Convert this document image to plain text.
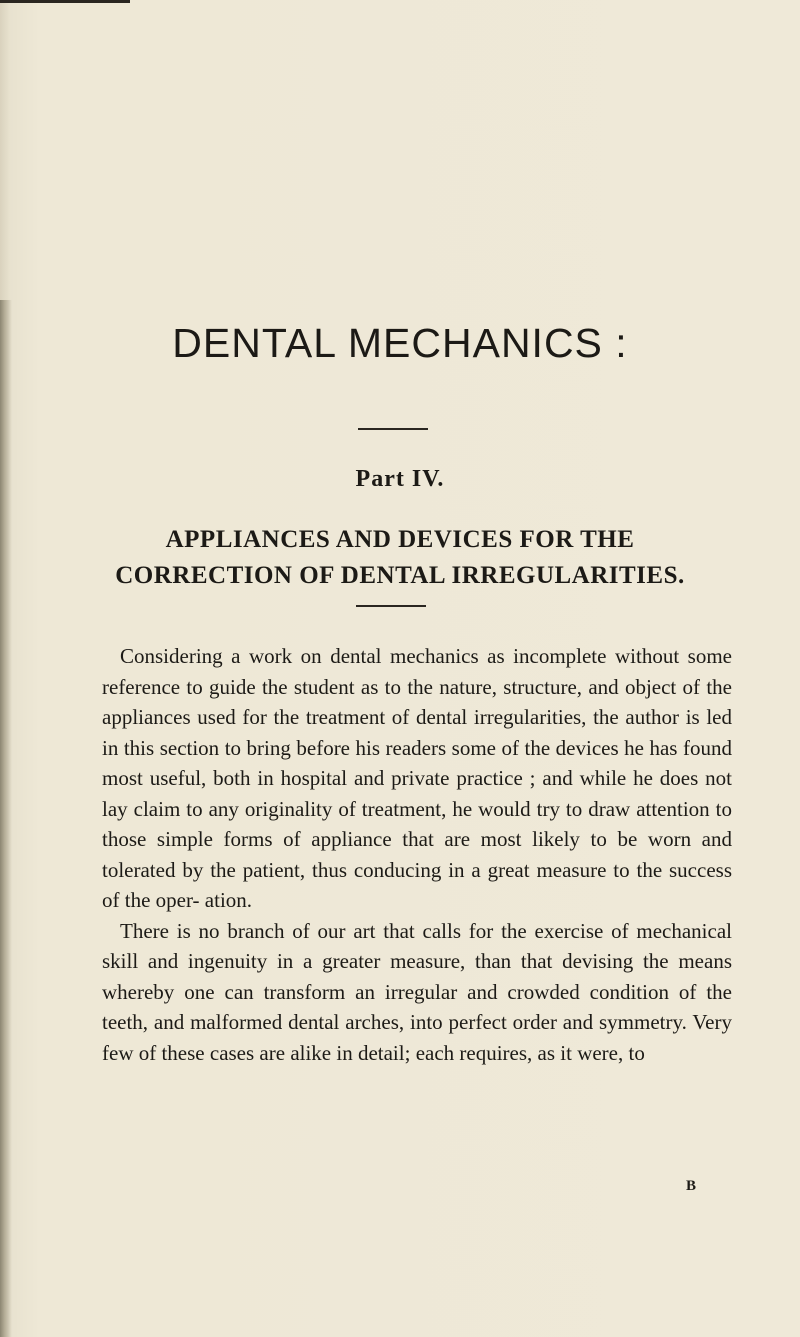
DENTAL MECHANICS :
Part IV.
APPLIANCES AND DEVICES FOR THE
CORRECTION OF DENTAL IRREGULARITIES.

Considering a work on dental mechanics as incomplete without some reference to guide the student as to the nature, structure, and object of the appliances used for the treatment of dental irregularities, the author is led in this section to bring before his readers some of the devices he has found most useful, both in hospital and private practice ; and while he does not lay claim to any originality of treatment, he would try to draw attention to those simple forms of appliance that are most likely to be worn and tolerated by the patient, thus conducing in a great measure to the success of the oper- ation.

There is no branch of our art that calls for the exercise of mechanical skill and ingenuity in a greater measure, than that devising the means whereby one can transform an irregular and crowded condition of the teeth, and malformed dental arches, into perfect order and symmetry. Very few of these cases are alike in detail; each requires, as it were, to

B
